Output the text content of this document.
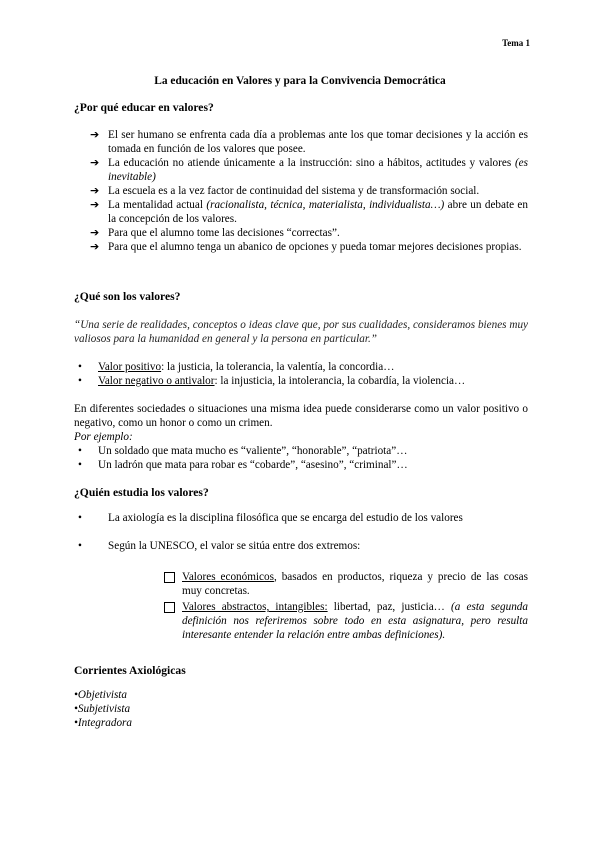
Tema 1
La educación en Valores y para la Convivencia Democrática
¿Por qué educar en valores?
➔ El ser humano se enfrenta cada día a problemas ante los que tomar decisiones y la acción es tomada en función de los valores que posee.
➔ La educación no atiende únicamente a la instrucción: sino a hábitos, actitudes y valores (es inevitable)
➔ La escuela es a la vez factor de continuidad del sistema y de transformación social.
➔ La mentalidad actual (racionalista, técnica, materialista, individualista…) abre un debate en la concepción de los valores.
➔ Para que el alumno tome las decisiones “correctas”.
➔ Para que el alumno tenga un abanico de opciones y pueda tomar mejores decisiones propias.
¿Qué son los valores?
“Una serie de realidades, conceptos o ideas clave que, por sus cualidades, consideramos bienes muy valiosos para la humanidad en general y la persona en particular.”
• Valor positivo: la justicia, la tolerancia, la valentía, la concordia…
• Valor negativo o antivalor: la injusticia, la intolerancia, la cobardía, la violencia…
En diferentes sociedades o situaciones una misma idea puede considerarse como un valor positivo o negativo, como un honor o como un crimen.
Por ejemplo:
• Un soldado que mata mucho es “valiente”, “honorable”, “patriota”…
• Un ladrón que mata para robar es “cobarde”, “asesino”, “criminal”…
¿Quién estudia los valores?
• La axiología es la disciplina filosófica que se encarga del estudio de los valores
• Según la UNESCO, el valor se sitúa entre dos extremos:
Valores económicos, basados en productos, riqueza y precio de las cosas muy concretas.
Valores abstractos, intangibles: libertad, paz, justicia… (a esta segunda definición nos referiremos sobre todo en esta asignatura, pero resulta interesante entender la relación entre ambas definiciones).
Corrientes Axiológicas
•Objetivista
•Subjetivista
•Integradora
